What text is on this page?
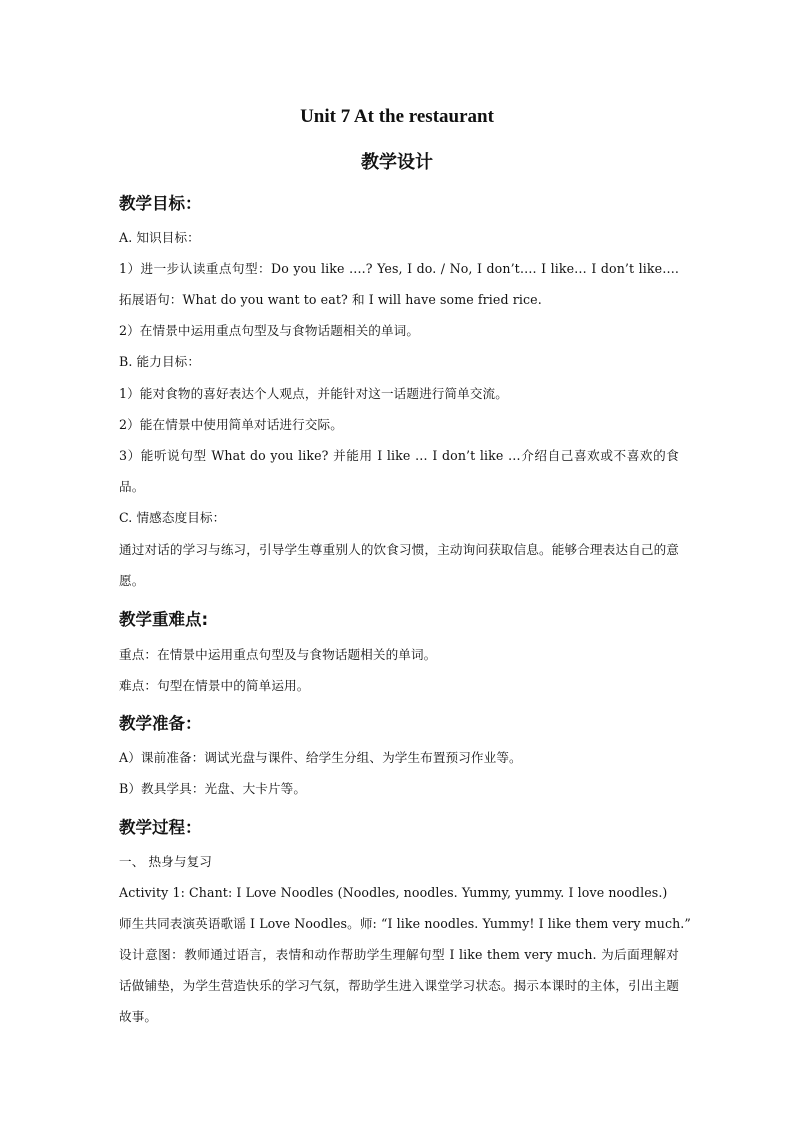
Unit 7 At the restaurant
教学设计
教学目标：
A. 知识目标：
1）进一步认读重点句型：Do you like ….? Yes, I do. / No, I don’t…. I like… I don’t like…. 拓展语句：What do you want to eat? 和 I will have some fried rice.
2）在情景中运用重点句型及与食物话题相关的单词。
B. 能力目标：
1）能对食物的喜好表达个人观点，并能针对这一话题进行简单交流。
2）能在情景中使用简单对话进行交际。
3）能听说句型 What do you like? 并能用 I like … I don’t like …介绍自己喜欢或不喜欢的食品。
C. 情感态度目标：
通过对话的学习与练习，引导学生尊重别人的饮食习惯，主动询问获取信息。能够合理表达自己的意愿。
教学重难点:
重点：在情景中运用重点句型及与食物话题相关的单词。
难点：句型在情景中的简单运用。
教学准备：
A）课前准备：调试光盘与课件、给学生分组、为学生布置预习作业等。
B）教具学具：光盘、大卡片等。
教学过程：
一、 热身与复习
Activity 1: Chant: I Love Noodles (Noodles, noodles. Yummy, yummy. I love noodles.)
师生共同表演英语歌谣 I Love Noodles。师: “I like noodles. Yummy! I like them very much.”
设计意图：教师通过语言，表情和动作帮助学生理解句型 I like them very much. 为后面理解对话做铺垫，为学生营造快乐的学习气氛，帮助学生进入课堂学习状态。揭示本课时的主体，引出主题故事。
